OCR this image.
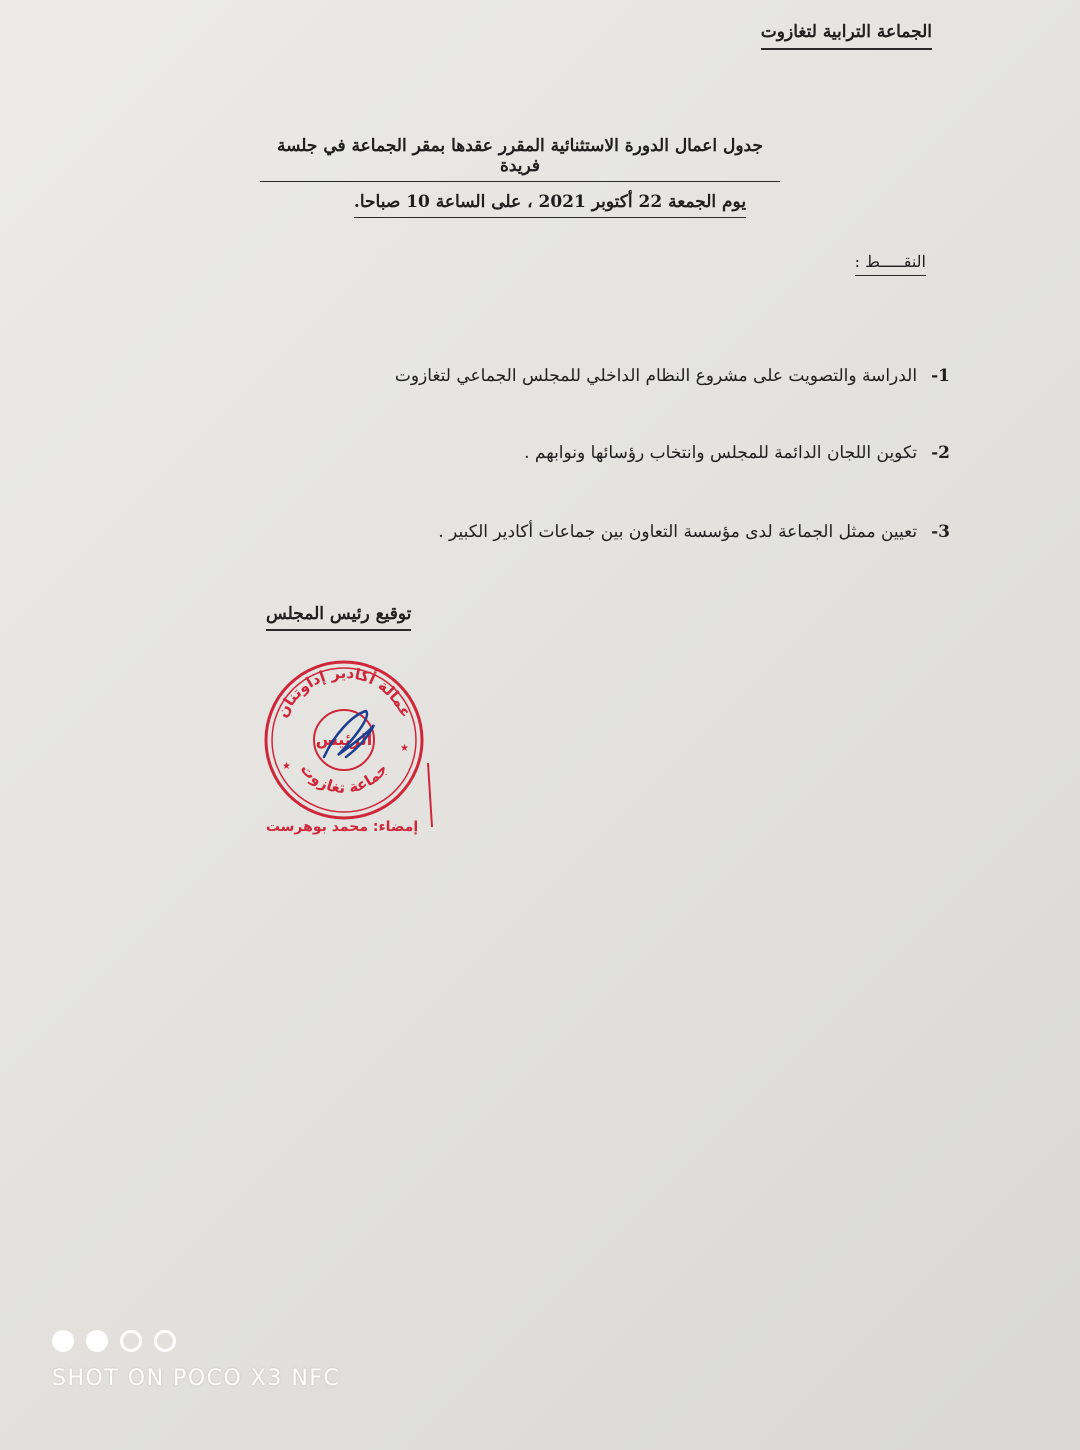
الجماعة الترابية لتغازوت
جدول اعمال الدورة الاستثنائية المقرر عقدها بمقر الجماعة في جلسة فريدة
يوم الجمعة 22 أكتوبر 2021 ، على الساعة 10 صباحا.
النقـــــط :
1-الدراسة والتصويت على مشروع النظام الداخلي للمجلس الجماعي لتغازوت
2-تكوين اللجان الدائمة للمجلس وانتخاب رؤسائها ونوابهم .
3-تعيين ممثل الجماعة لدى مؤسسة التعاون بين جماعات أكادير الكبير .
توقيع رئيس المجلس
عمالة أكادير إداوتنان
جماعة تغازوت
الرئيس
★
★
إمضاء: محمد بوهرست
SHOT ON POCO X3 NFC
